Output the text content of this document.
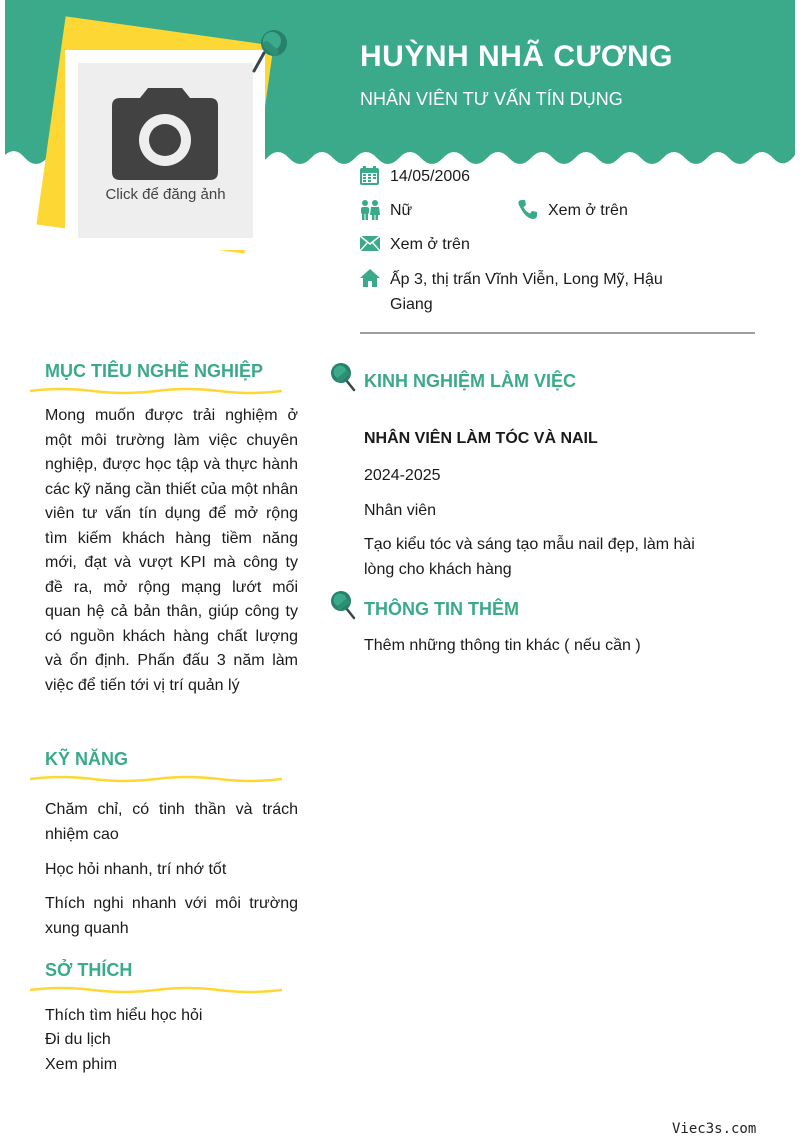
Click để đăng ảnh
HUỲNH NHÃ CƯƠNG
NHÂN VIÊN TƯ VẤN TÍN DỤNG
14/05/2006
Nữ	Xem ở trên
Xem ở trên
Ấp 3, thị trấn Vĩnh Viễn, Long Mỹ, Hậu
Giang
MỤC TIÊU NGHỀ NGHIỆP
Mong muốn được trải nghiệm ở một môi trường làm việc chuyên nghiệp, được học tập và thực hành các kỹ năng cần thiết của một nhân viên tư vấn tín dụng để mở rộng tìm kiếm khách hàng tiềm năng mới, đạt và vượt KPI mà công ty đề ra, mở rộng mạng lướt mối quan hệ cả bản thân, giúp công ty có nguồn khách hàng chất lượng và ổn định. Phấn đấu 3 năm làm việc để tiến tới vị trí quản lý
KỸ NĂNG
Chăm chỉ, có tinh thần và trách nhiệm cao
Học hỏi nhanh, trí nhớ tốt
Thích nghi nhanh với môi trường xung quanh
SỞ THÍCH
Thích tìm hiểu học hỏi
Đi du lịch
Xem phim
KINH NGHIỆM LÀM VIỆC
NHÂN VIÊN LÀM TÓC VÀ NAIL
2024-2025
Nhân viên
Tạo kiểu tóc và sáng tạo mẫu nail đẹp, làm hài lòng cho khách hàng
THÔNG TIN THÊM
Thêm những thông tin khác ( nếu cần )
Viec3s.com
